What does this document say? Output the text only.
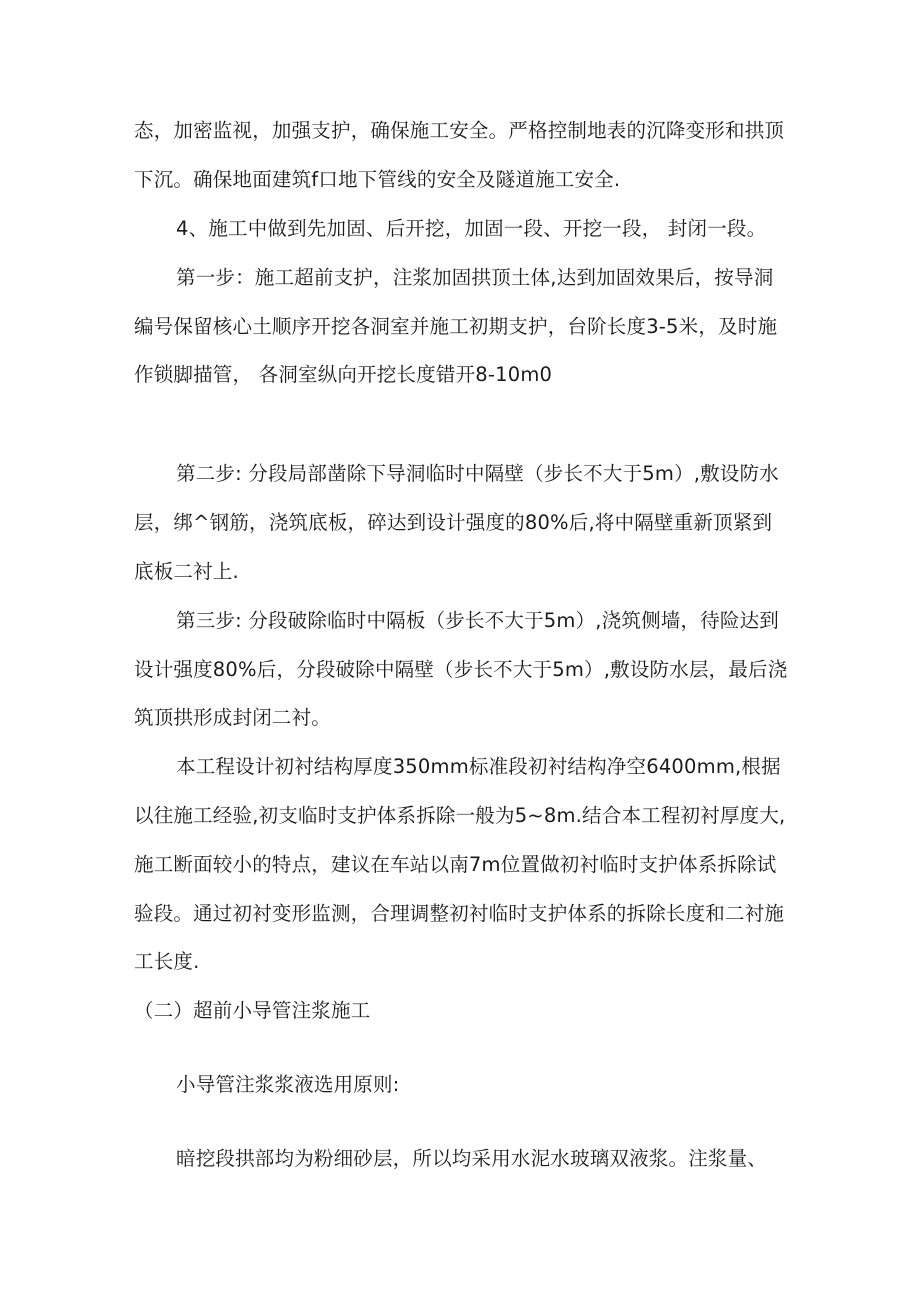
态，加密监视，加强支护，确保施工安全。严格控制地表的沉降变形和拱顶
下沉。确保地面建筑f口地下管线的安全及隧道施工安全.
4、施工中做到先加固、后开挖，加固一段、开挖一段， 封闭一段。
第一步：施工超前支护，注浆加固拱顶土体,达到加固效果后，按导洞
编号保留核心土顺序开挖各洞室并施工初期支护，台阶长度3-5米，及时施
作锁脚描管， 各洞室纵向开挖长度错开8-10m0
第二步: 分段局部凿除下导洞临时中隔壁（步长不大于5m）,敷设防水
层，绑^钢筋，浇筑底板，碎达到设计强度的80%后,将中隔壁重新顶紧到
底板二衬上.
第三步: 分段破除临时中隔板（步长不大于5m）,浇筑侧墙，待险达到
设计强度80%后，分段破除中隔壁（步长不大于5m）,敷设防水层，最后浇
筑顶拱形成封闭二衬。
本工程设计初衬结构厚度350mm标准段初衬结构净空6400mm,根据
以往施工经验,初支临时支护体系拆除一般为5~8m.结合本工程初衬厚度大,
施工断面较小的特点，建议在车站以南7m位置做初衬临时支护体系拆除试
验段。通过初衬变形监测，合理调整初衬临时支护体系的拆除长度和二衬施
工长度.
（二）超前小导管注浆施工
小导管注浆浆液选用原则:
暗挖段拱部均为粉细砂层，所以均采用水泥水玻璃双液浆。注浆量、
